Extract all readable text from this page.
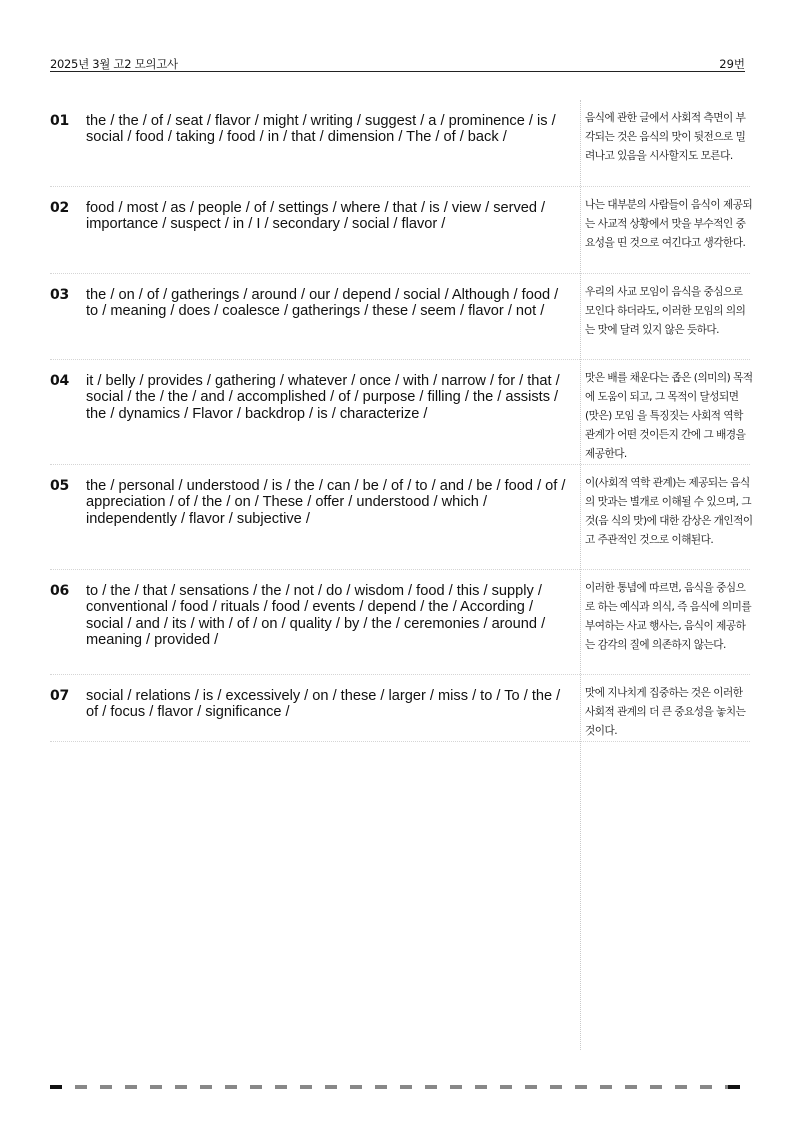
2025년 3월 고2 모의고사	29번
01 the / the / of / seat / flavor / might / writing / suggest / a / prominence / is / social / food / taking / food / in / that / dimension / The / of / back /
음식에 관한 글에서 사회적 측면이 부각되는 것은 음식의 맛이 뒷전으로 밀려나고 있음을 시사할지도 모른다.
02 food / most / as / people / of / settings / where / that / is / view / served / importance / suspect / in / I / secondary / social / flavor /
나는 대부분의 사람들이 음식이 제공되는 사교적 상황에서 맛을 부수적인 중요성을 띤 것으로 여긴다고 생각한다.
03 the / on / of / gatherings / around / our / depend / social / Although / food / to / meaning / does / coalesce / gatherings / these / seem / flavor / not /
우리의 사교 모임이 음식을 중심으로 모인다 하더라도, 이러한 모임의 의의는 맛에 달려 있지 않은 듯하다.
04 it / belly / provides / gathering / whatever / once / with / narrow / for / that / social / the / the / and / accomplished / of / purpose / filling / the / assists / the / dynamics / Flavor / backdrop / is / characterize /
맛은 배를 채운다는 좁은 (의미의) 목적에 도움이 되고, 그 목적이 달성되면 (맛은) 모임 을 특징짓는 사회적 역학 관계가 어떤 것이든지 간에 그 배경을 제공한다.
05 the / personal / understood / is / the / can / be / of / to / and / be / food / of / appreciation / of / the / on / These / offer / understood / which / independently / flavor / subjective /
이(사회적 역학 관계)는 제공되는 음식의 맛과는 별개로 이해될 수 있으며, 그것(음 식의 맛)에 대한 감상은 개인적이고 주관적인 것으로 이해된다.
06 to / the / that / sensations / the / not / do / wisdom / food / this / supply / conventional / food / rituals / food / events / depend / the / According / social / and / its / with / of / on / quality / by / the / ceremonies / around / meaning / provided /
이러한 통념에 따르면, 음식을 중심으로 하는 예식과 의식, 즉 음식에 의미를 부여하는 사교 행사는, 음식이 제공하는 감각의 질에 의존하지 않는다.
07 social / relations / is / excessively / on / these / larger / miss / to / To / the / of / focus / flavor / significance /
맛에 지나치게 집중하는 것은 이러한 사회적 관계의 더 큰 중요성을 놓치는 것이다.
